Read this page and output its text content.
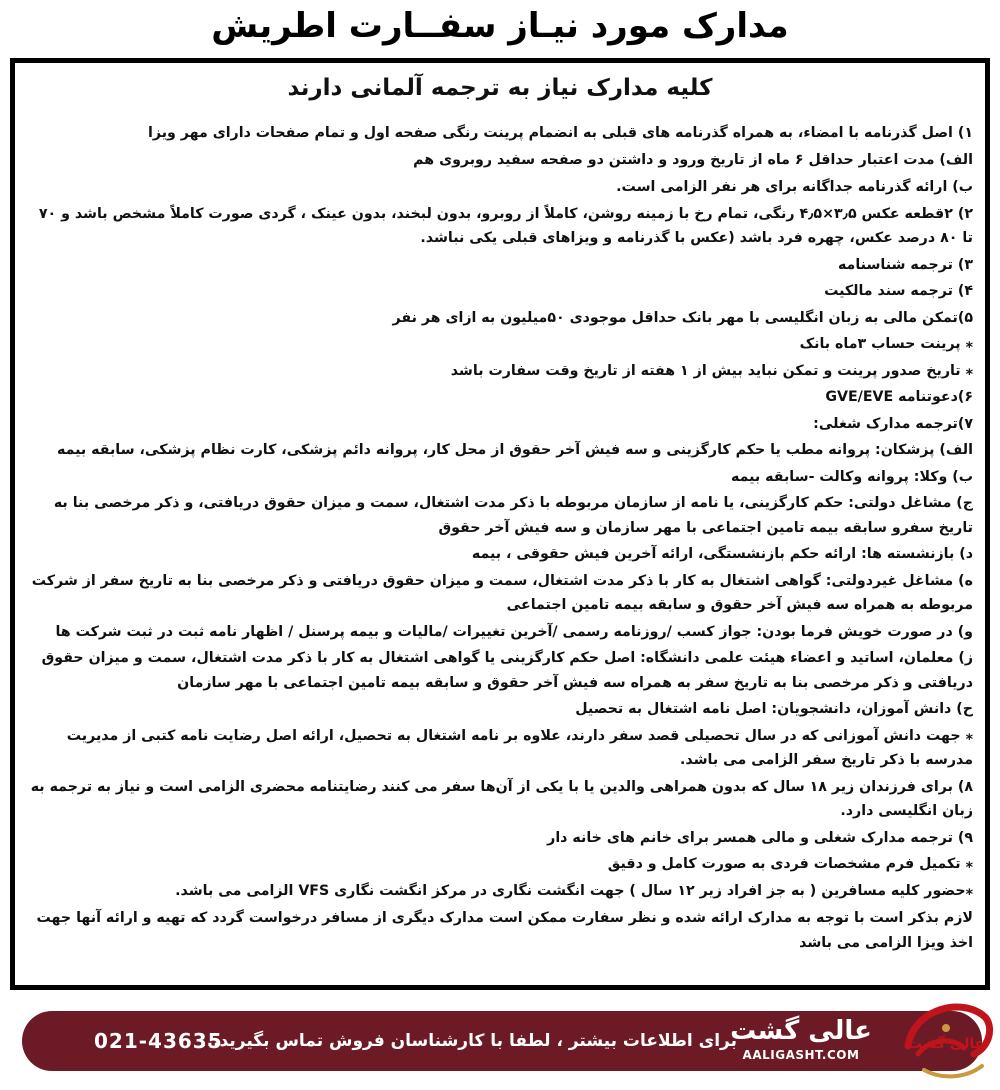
مدارک مورد نیـاز سفــارت اطریش
کلیه مدارک نیاز به ترجمه آلمانی دارند

۱) اصل گذرنامه با امضاء، به همراه گذرنامه های قبلی به انضمام پرینت رنگی صفحه اول و تمام صفحات دارای مهر ویزا

الف) مدت اعتبار حداقل ۶ ماه از تاریخ ورود و داشتن دو صفحه سفید روبروی هم

ب) ارائه گذرنامه جداگانه برای هر نفر الزامی است.

۲) ۲قطعه عکس ۳٫۵×۴٫۵ رنگی، تمام رخ با زمینه روشن، کاملاً از روبرو، بدون لبخند، بدون عینک ، گردی صورت کاملاً مشخص باشد و ۷۰ تا ۸۰ درصد عکس، چهره فرد باشد (عکس با گذرنامه و ویزاهای قبلی یکی نباشد.

۳) ترجمه شناسنامه

۴) ترجمه سند مالکیت

۵)تمکن مالی به زبان انگلیسی با مهر بانک حداقل موجودی ۵۰میلیون به ازای هر نفر

⁎ پرینت حساب ۳ماه بانک

⁎ تاریخ صدور پرینت و تمکن نباید بیش از ۱ هفته از تاریخ وقت سفارت باشد

۶)دعوتنامه GVE/EVE

۷)ترجمه مدارک شغلی:

الف) پزشکان: پروانه مطب یا حکم کارگزینی و سه فیش آخر حقوق از محل کار، پروانه دائم پزشکی، کارت نظام پزشکی، سابقه بیمه

ب) وکلا: پروانه وکالت -سابقه بیمه

ج) مشاغل دولتی: حکم کارگزینی، یا نامه از سازمان مربوطه با ذکر مدت اشتغال، سمت و میزان حقوق دریافتی، و ذکر مرخصی بنا به تاریخ سفرو سابقه بیمه تامین اجتماعی با مهر سازمان و سه فیش آخر حقوق

د) بازنشسته ها: ارائه حکم بازنشستگی، ارائه آخرین فیش حقوقی ، بیمه

ه) مشاغل غیردولتی: گواهی اشتغال به کار با ذکر مدت اشتغال، سمت و میزان حقوق دریافتی و ذکر مرخصی بنا به تاریخ سفر از شرکت مربوطه به همراه سه فیش آخر حقوق و سابقه بیمه تامین اجتماعی

و) در صورت خویش فرما بودن: جواز کسب /روزنامه رسمی /آخرین تغییرات /مالیات و بیمه پرسنل / اظهار نامه ثبت در ثبت شرکت ها

ز) معلمان، اساتید و اعضاء هیئت علمی دانشگاه: اصل حکم کارگزینی یا گواهی اشتغال به کار با ذکر مدت اشتغال، سمت و میزان حقوق دریافتی و ذکر مرخصی بنا به تاریخ سفر به همراه سه فیش آخر حقوق و سابقه بیمه تامین اجتماعی با مهر سازمان

ح) دانش آموزان، دانشجویان: اصل نامه اشتغال به تحصیل

⁎ جهت دانش آموزانی که در سال تحصیلی قصد سفر دارند، علاوه بر نامه اشتغال به تحصیل، ارائه اصل رضایت نامه کتبی از مدیریت مدرسه با ذکر تاریخ سفر الزامی می باشد.

۸) برای فرزندان زیر ۱۸ سال که بدون همراهی والدین یا با یکی از آن‌ها سفر می کنند رضایتنامه محضری الزامی است و نیاز به ترجمه به زبان انگلیسی دارد.

۹) ترجمه مدارک شغلی و مالی همسر برای خانم های خانه دار

⁎ تکمیل فرم مشخصات فردی به صورت کامل و دقیق

⁎حضور کلیه مسافرین ( به جز افراد زیر ۱۲ سال ) جهت انگشت نگاری در مرکز انگشت نگاری VFS الزامی می باشد.

لازم بذکر است با توجه به مدارک ارائه شده و نظر سفارت ممکن است مدارک دیگری از مسافر درخواست گردد که تهیه و ارائه آنها جهت اخذ ویزا الزامی می باشد

021-43635
برای اطلاعات بیشتر ، لطفا با کارشناسان فروش تماس بگیرید...
عالی گشت
AALIGASHT.COM
عالی گشت
